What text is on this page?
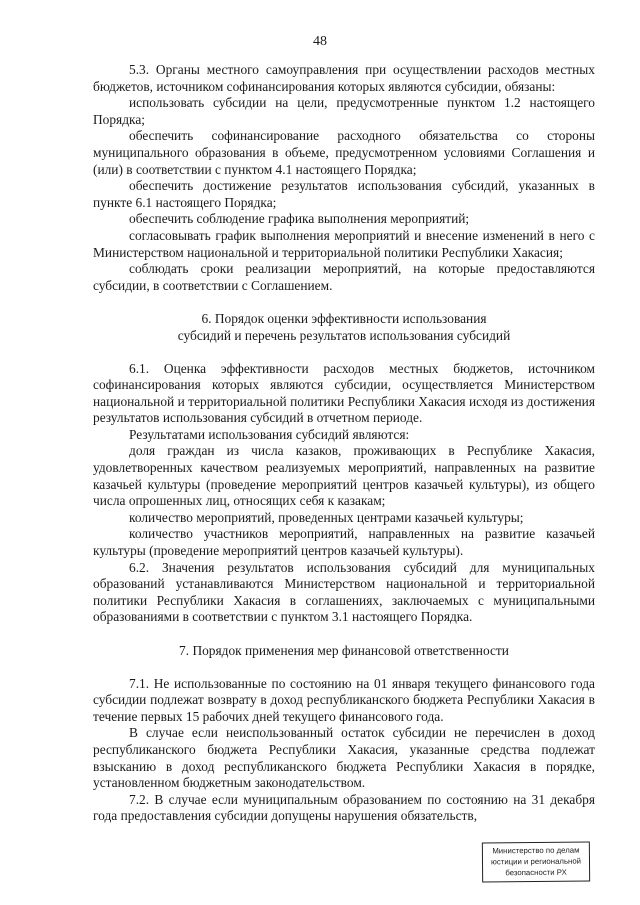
48

5.3. Органы местного самоуправления при осуществлении расходов местных бюджетов, источником софинансирования которых являются субсидии, обязаны:

использовать субсидии на цели, предусмотренные пунктом 1.2 настоящего Порядка;

обеспечить софинансирование расходного обязательства со стороны муниципального образования в объеме, предусмотренном условиями Соглашения и (или) в соответствии с пунктом 4.1 настоящего Порядка;

обеспечить достижение результатов использования субсидий, указанных в пункте 6.1 настоящего Порядка;

обеспечить соблюдение графика выполнения мероприятий;

согласовывать график выполнения мероприятий и внесение изменений в него с Министерством национальной и территориальной политики Республики Хакасия;

соблюдать сроки реализации мероприятий, на которые предоставляются субсидии, в соответствии с Соглашением.

6. Порядок оценки эффективности использования
субсидий и перечень результатов использования субсидий

6.1. Оценка эффективности расходов местных бюджетов, источником софинансирования которых являются субсидии, осуществляется Министерством национальной и территориальной политики Республики Хакасия исходя из достижения результатов использования субсидий в отчетном периоде.

Результатами использования субсидий являются:

доля граждан из числа казаков, проживающих в Республике Хакасия, удовлетворенных качеством реализуемых мероприятий, направленных на развитие казачьей культуры (проведение мероприятий центров казачьей культуры), из общего числа опрошенных лиц, относящих себя к казакам;

количество мероприятий, проведенных центрами казачьей культуры;

количество участников мероприятий, направленных на развитие казачьей культуры (проведение мероприятий центров казачьей культуры).

6.2. Значения результатов использования субсидий для муниципальных образований устанавливаются Министерством национальной и территориальной политики Республики Хакасия в соглашениях, заключаемых с муниципальными образованиями в соответствии с пунктом 3.1 настоящего Порядка.

7. Порядок применения мер финансовой ответственности

7.1. Не использованные по состоянию на 01 января текущего финансового года субсидии подлежат возврату в доход республиканского бюджета Республики Хакасия в течение первых 15 рабочих дней текущего финансового года.

В случае если неиспользованный остаток субсидии не перечислен в доход республиканского бюджета Республики Хакасия, указанные средства подлежат взысканию в доход республиканского бюджета Республики Хакасия в порядке, установленном бюджетным законодательством.

7.2. В случае если муниципальным образованием по состоянию на 31 декабря года предоставления субсидии допущены нарушения обязательств,

Министерство по делам
юстиции и региональной
безопасности РХ
